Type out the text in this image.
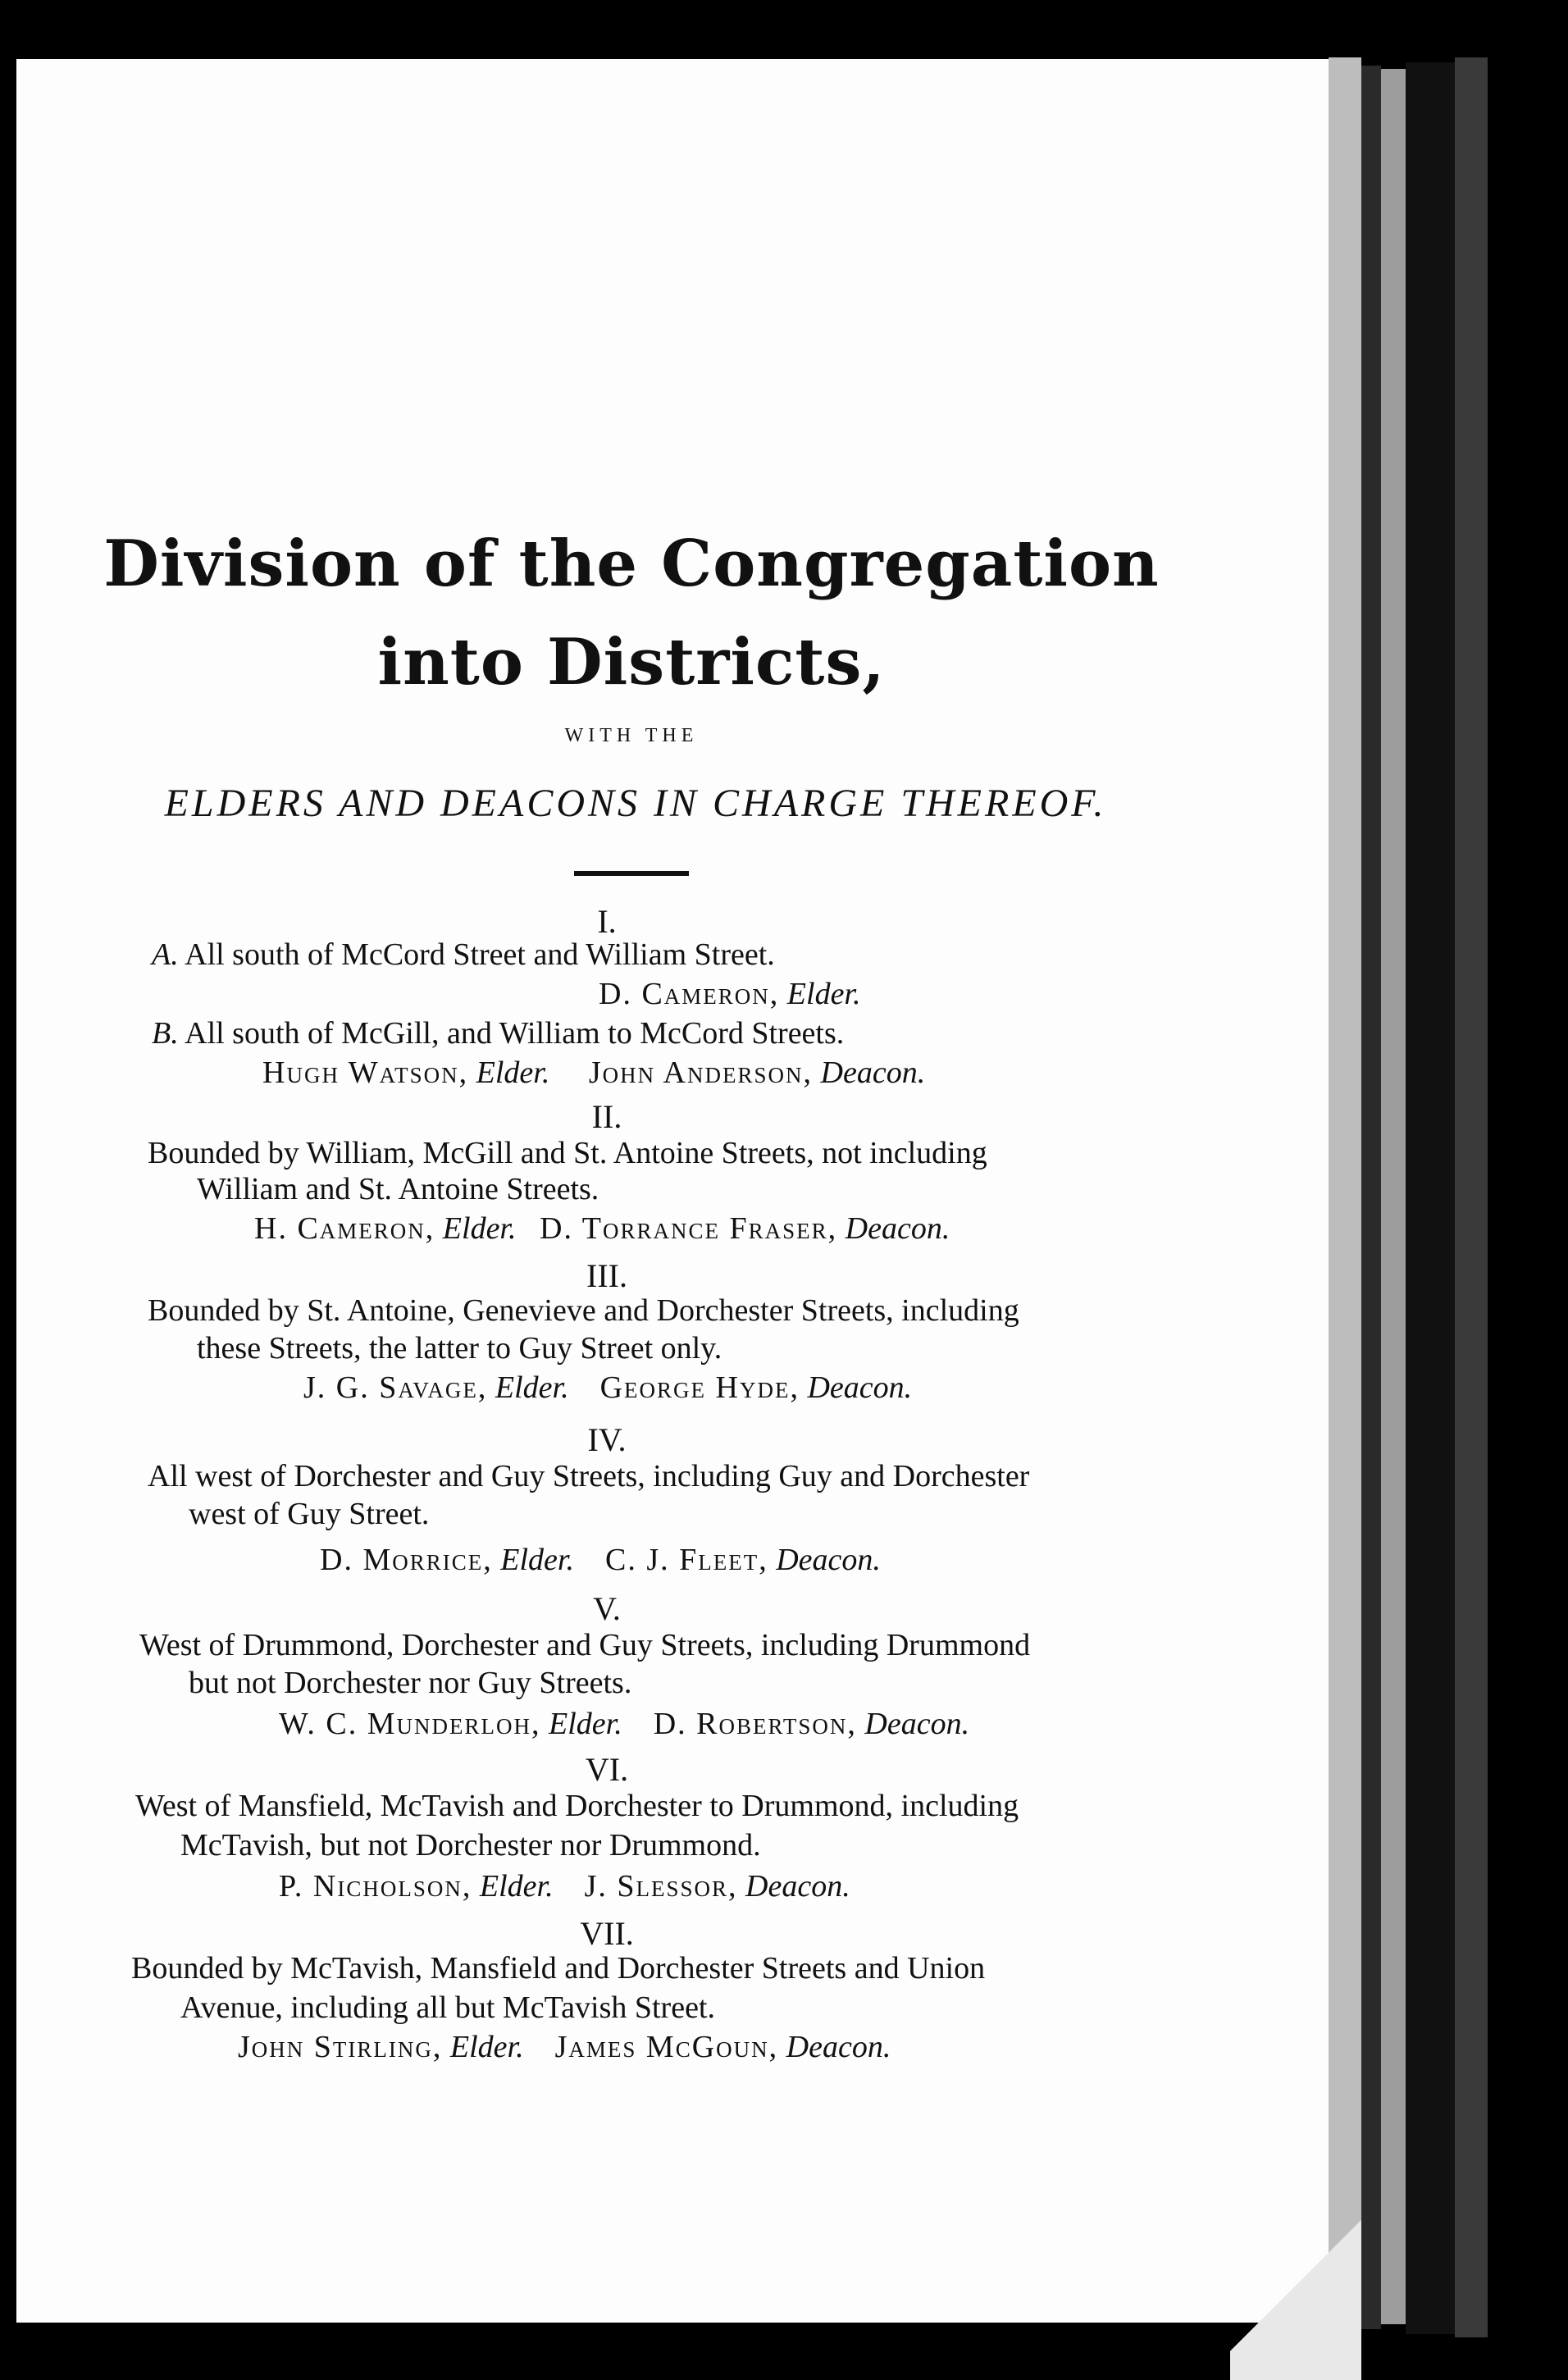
Division of the Congregation
into Districts,
WITH THE
ELDERS AND DEACONS IN CHARGE THEREOF.
I.
A. All south of McCord Street and William Street.
D. Cameron, Elder.
B. All south of McGill, and William to McCord Streets.
Hugh Watson, Elder. John Anderson, Deacon.
II.
Bounded by William, McGill and St. Antoine Streets, not including
William and St. Antoine Streets.
H. Cameron, Elder. D. Torrance Fraser, Deacon.
III.
Bounded by St. Antoine, Genevieve and Dorchester Streets, including
these Streets, the latter to Guy Street only.
J. G. Savage, Elder. George Hyde, Deacon.
IV.
All west of Dorchester and Guy Streets, including Guy and Dorchester
west of Guy Street.
D. Morrice, Elder. C. J. Fleet, Deacon.
V.
West of Drummond, Dorchester and Guy Streets, including Drummond
but not Dorchester nor Guy Streets.
W. C. Munderloh, Elder. D. Robertson, Deacon.
VI.
West of Mansfield, McTavish and Dorchester to Drummond, including
McTavish, but not Dorchester nor Drummond.
P. Nicholson, Elder. J. Slessor, Deacon.
VII.
Bounded by McTavish, Mansfield and Dorchester Streets and Union
Avenue, including all but McTavish Street.
John Stirling, Elder. James McGoun, Deacon.
